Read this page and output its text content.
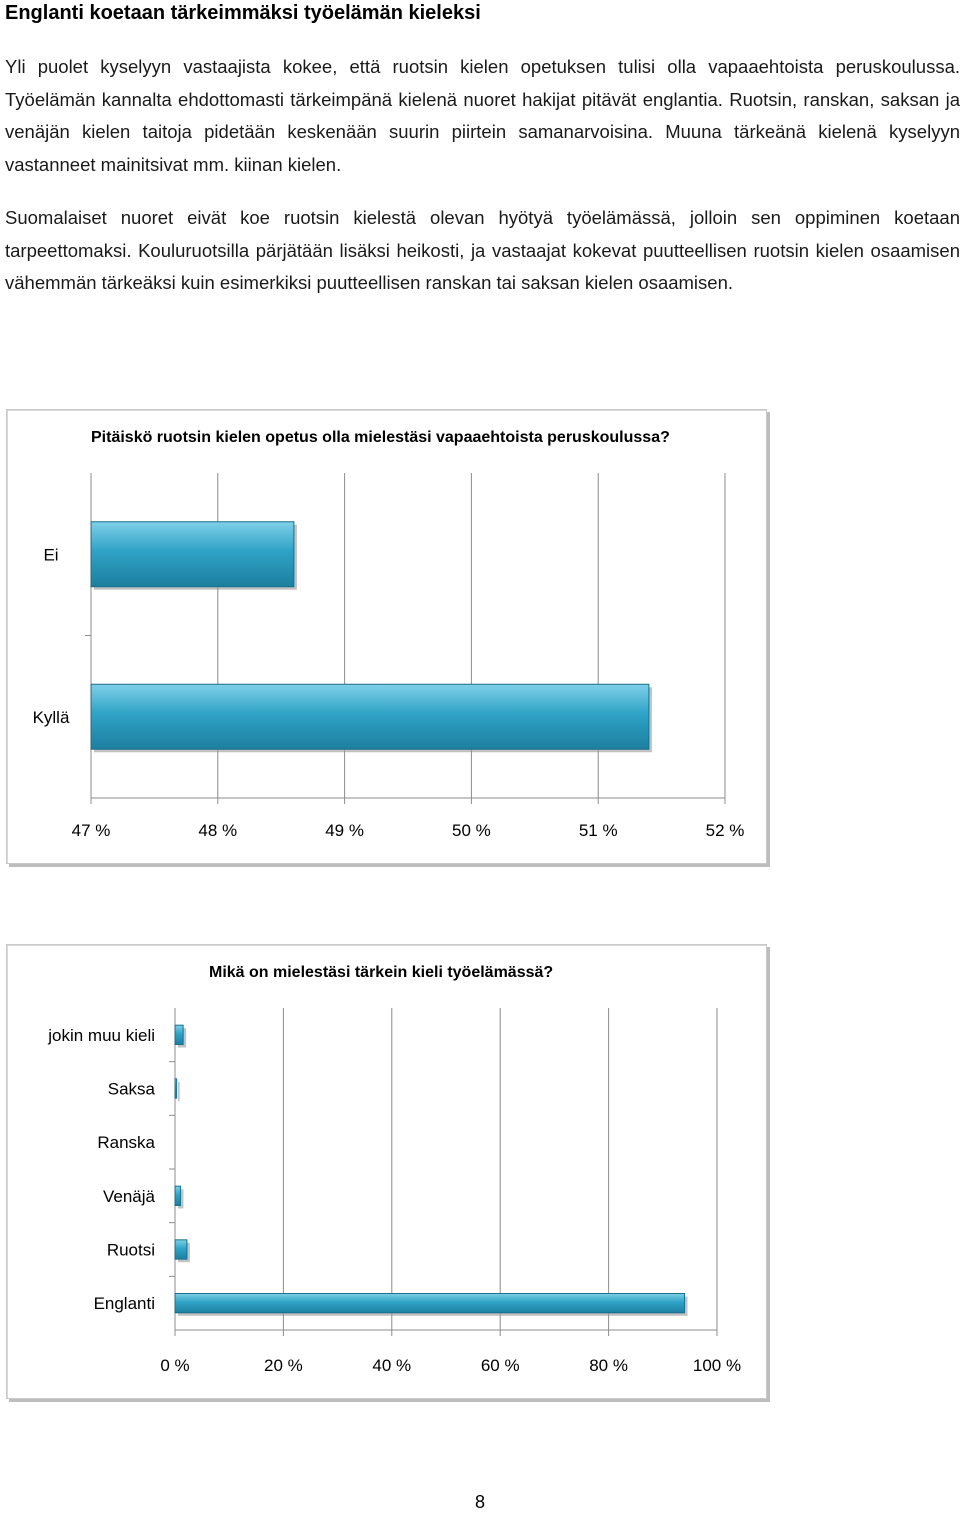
Englanti koetaan tärkeimmäksi työelämän kieleksi
Yli puolet kyselyyn vastaajista kokee, että ruotsin kielen opetuksen tulisi olla vapaaehtoista peruskoulussa. Työelämän kannalta ehdottomasti tärkeimpänä kielenä nuoret hakijat pitävät englantia. Ruotsin, ranskan, saksan ja venäjän kielen taitoja pidetään keskenään suurin piirtein samanarvoisina. Muuna tärkeänä kielenä kyselyyn vastanneet mainitsivat mm. kiinan kielen.
Suomalaiset nuoret eivät koe ruotsin kielestä olevan hyötyä työelämässä, jolloin sen oppiminen koetaan tarpeettomaksi. Kouluruotsilla pärjätään lisäksi heikosti, ja vastaajat kokevat puutteellisen ruotsin kielen osaamisen vähemmän tärkeäksi kuin esimerkiksi puutteellisen ranskan tai saksan kielen osaamisen.
Pitäiskö ruotsin kielen opetus olla mielestäsi vapaaehtoista peruskoulussa?
47 %	48 %	49 %	50 %	51 %	52 %
Ei
Kyllä
Mikä on mielestäsi tärkein kieli työelämässä?
0 %	20 %	40 %	60 %	80 %	100 %
jokin muu kieli
Saksa
Ranska
Venäjä
Ruotsi
Englanti
8
